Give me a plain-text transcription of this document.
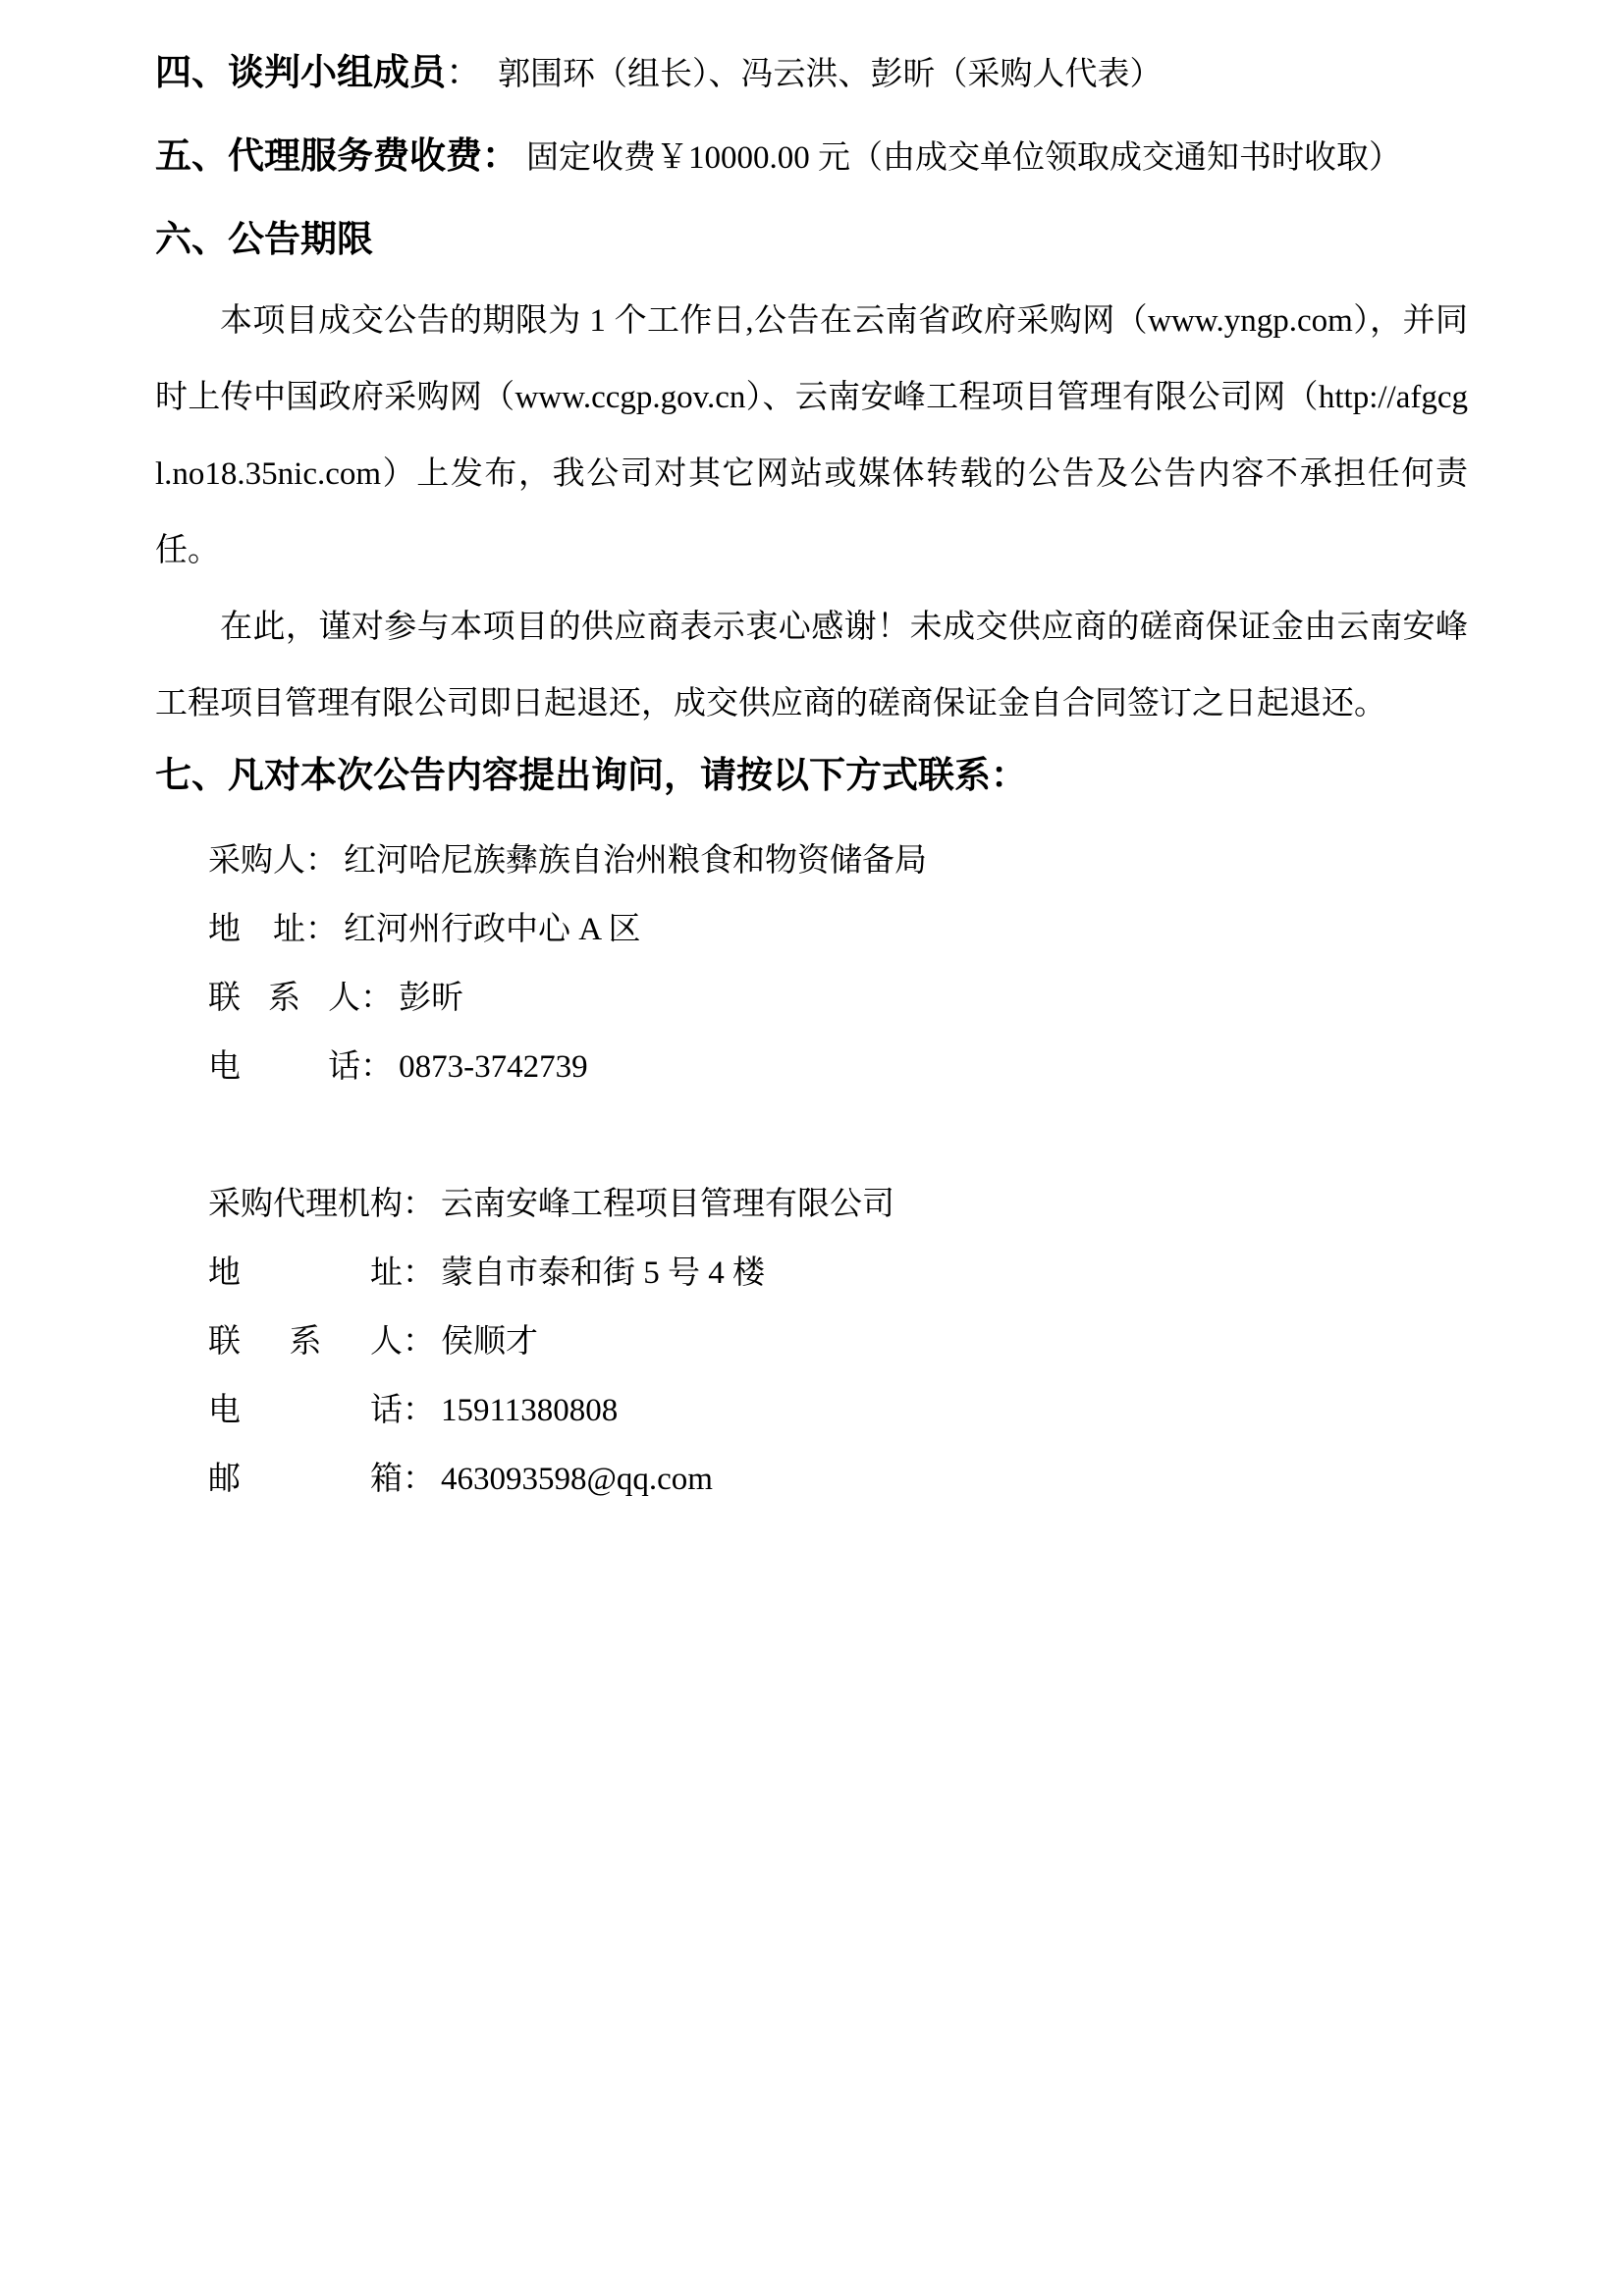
四、谈判小组成员： 郭围环（组长）、冯云洪、彭昕（采购人代表）
五、代理服务费收费： 固定收费￥10000.00 元（由成交单位领取成交通知书时收取）
六、公告期限

本项目成交公告的期限为 1 个工作日,公告在云南省政府采购网（www.yngp.com），并同时上传中国政府采购网（www.ccgp.gov.cn）、云南安峰工程项目管理有限公司网（http://afgcgl.no18.35nic.com）上发布，我公司对其它网站或媒体转载的公告及公告内容不承担任何责任。

在此，谨对参与本项目的供应商表示衷心感谢！未成交供应商的磋商保证金由云南安峰工程项目管理有限公司即日起退还，成交供应商的磋商保证金自合同签订之日起退还。

七、凡对本次公告内容提出询问，请按以下方式联系：
采购人： 红河哈尼族彝族自治州粮食和物资储备局
地址： 红河州行政中心 A 区
联系人： 彭昕
电话： 0873-3742739
采购代理机构： 云南安峰工程项目管理有限公司
地址： 蒙自市泰和街 5 号 4 楼
联系人： 侯顺才
电话： 15911380808
邮箱： 463093598@qq.com
